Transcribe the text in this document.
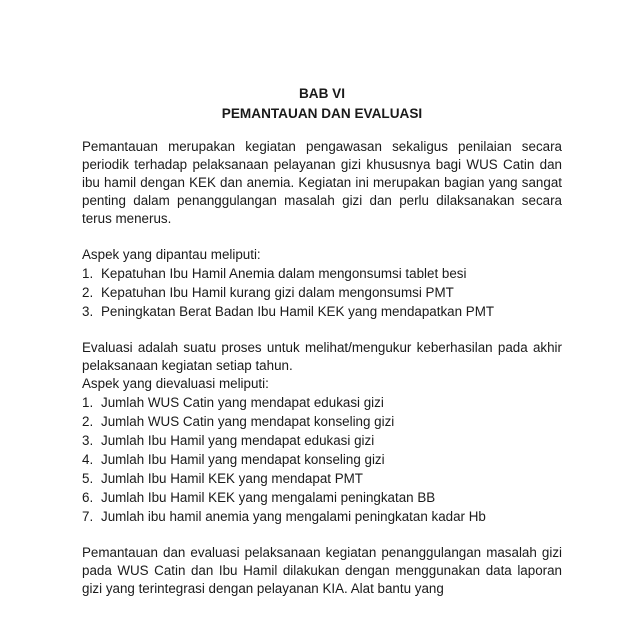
BAB VI

PEMANTAUAN DAN EVALUASI

Pemantauan merupakan kegiatan pengawasan sekaligus penilaian secara periodik terhadap pelaksanaan pelayanan gizi khususnya bagi WUS Catin dan ibu hamil dengan KEK dan anemia. Kegiatan ini merupakan bagian yang sangat penting dalam penanggulangan masalah gizi dan perlu dilaksanakan secara terus menerus.

Aspek yang dipantau meliputi:

1. Kepatuhan Ibu Hamil Anemia dalam mengonsumsi tablet besi
2. Kepatuhan Ibu Hamil kurang gizi dalam mengonsumsi PMT
3. Peningkatan Berat Badan Ibu Hamil KEK yang mendapatkan PMT

Evaluasi adalah suatu proses untuk melihat/mengukur keberhasilan pada akhir pelaksanaan kegiatan setiap tahun.

Aspek yang dievaluasi meliputi:

1. Jumlah WUS Catin yang mendapat edukasi gizi
2. Jumlah WUS Catin yang mendapat konseling gizi
3. Jumlah Ibu Hamil yang mendapat edukasi gizi
4. Jumlah Ibu Hamil yang mendapat konseling gizi
5. Jumlah Ibu Hamil KEK yang mendapat PMT
6. Jumlah Ibu Hamil KEK yang mengalami peningkatan BB
7. Jumlah ibu hamil anemia yang mengalami peningkatan kadar Hb

Pemantauan dan evaluasi pelaksanaan kegiatan penanggulangan masalah gizi pada WUS Catin dan Ibu Hamil dilakukan dengan menggunakan data laporan gizi yang terintegrasi dengan pelayanan KIA. Alat bantu yang
